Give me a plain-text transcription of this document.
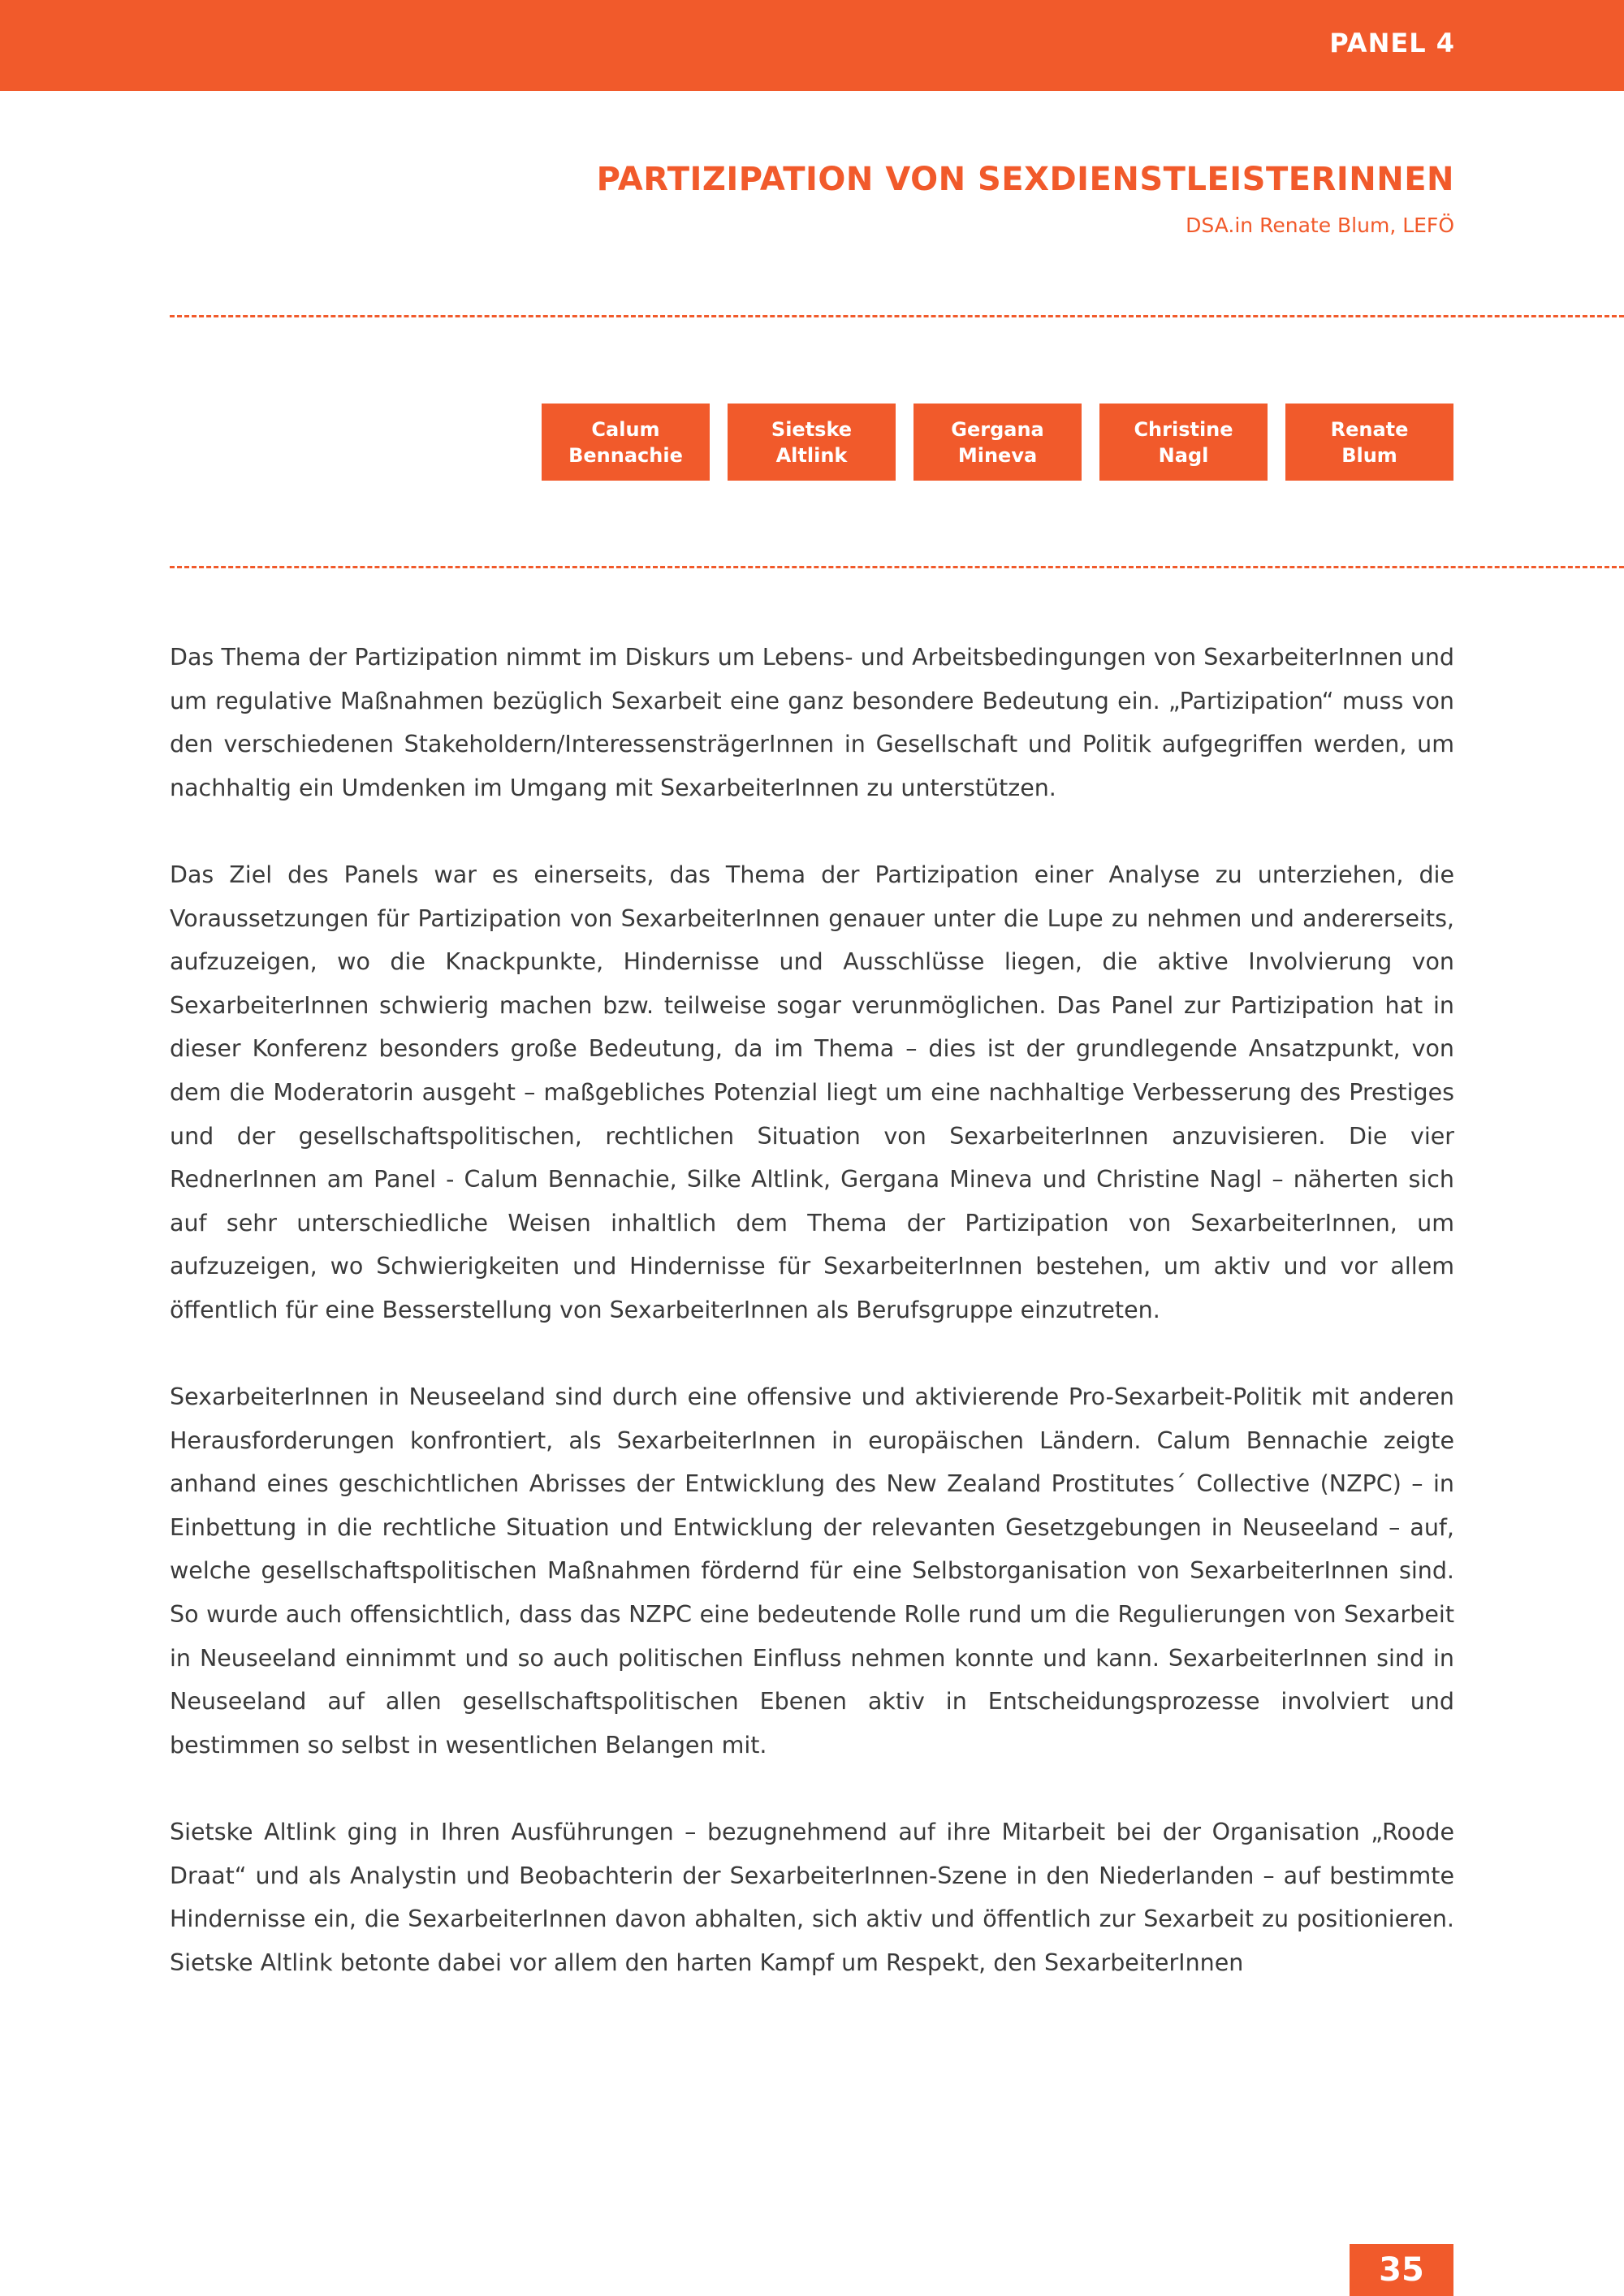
PANEL 4
PARTIZIPATION VON SEXDIENSTLEISTERINNEN
DSA.in Renate Blum, LEFÖ
Calum
Bennachie
Sietske
Altlink
Gergana
Mineva
Christine
Nagl
Renate
Blum

Das Thema der Partizipation nimmt im Diskurs um Lebens- und Arbeitsbedingungen von SexarbeiterInnen und um regulative Maßnahmen bezüglich Sexarbeit eine ganz besondere Bedeutung ein. „Partizipation“ muss von den verschiedenen Stakeholdern/InteressensträgerInnen in Gesellschaft und Politik aufgegriffen werden, um nachhaltig ein Umdenken im Umgang mit SexarbeiterInnen zu unterstützen.

Das Ziel des Panels war es einerseits, das Thema der Partizipation einer Analyse zu unterziehen, die Voraussetzungen für Partizipation von SexarbeiterInnen genauer unter die Lupe zu nehmen und andererseits, aufzuzeigen, wo die Knackpunkte, Hindernisse und Ausschlüsse liegen, die aktive Involvierung von SexarbeiterInnen schwierig machen bzw. teilweise sogar verunmöglichen. Das Panel zur Partizipation hat in dieser Konferenz besonders große Bedeutung, da im Thema – dies ist der grundlegende Ansatzpunkt, von dem die Moderatorin ausgeht – maßgebliches Potenzial liegt um eine nachhaltige Verbesserung des Prestiges und der gesellschaftspolitischen, rechtlichen Situation von SexarbeiterInnen anzuvisieren. Die vier RednerInnen am Panel - Calum Bennachie, Silke Altlink, Gergana Mineva und Christine Nagl – näherten sich auf sehr unterschiedliche Weisen inhaltlich dem Thema der Partizipation von SexarbeiterInnen, um aufzuzeigen, wo Schwierigkeiten und Hindernisse für SexarbeiterInnen bestehen, um aktiv und vor allem öffentlich für eine Besserstellung von SexarbeiterInnen als Berufsgruppe einzutreten.

SexarbeiterInnen in Neuseeland sind durch eine offensive und aktivierende Pro-Sexarbeit-Politik mit anderen Herausforderungen konfrontiert, als SexarbeiterInnen in europäischen Ländern. Calum Bennachie zeigte anhand eines geschichtlichen Abrisses der Entwicklung des New Zealand Prostitutes´ Collective (NZPC) – in Einbettung in die rechtliche Situation und Entwicklung der relevanten Gesetzgebungen in Neuseeland – auf, welche gesellschaftspolitischen Maßnahmen fördernd für eine Selbstorganisation von SexarbeiterInnen sind. So wurde auch offensichtlich, dass das NZPC eine bedeutende Rolle rund um die Regulierungen von Sexarbeit in Neuseeland einnimmt und so auch politischen Einfluss nehmen konnte und kann. SexarbeiterInnen sind in Neuseeland auf allen gesellschaftspolitischen Ebenen aktiv in Entscheidungsprozesse involviert und bestimmen so selbst in wesentlichen Belangen mit.

Sietske Altlink ging in Ihren Ausführungen – bezugnehmend auf ihre Mitarbeit bei der Organisation „Roode Draat“ und als Analystin und Beobachterin der SexarbeiterInnen-Szene in den Niederlanden – auf bestimmte Hindernisse ein, die SexarbeiterInnen davon abhalten, sich aktiv und öffentlich zur Sexarbeit zu positionieren. Sietske Altlink betonte dabei vor allem den harten Kampf um Respekt, den SexarbeiterInnen

35
